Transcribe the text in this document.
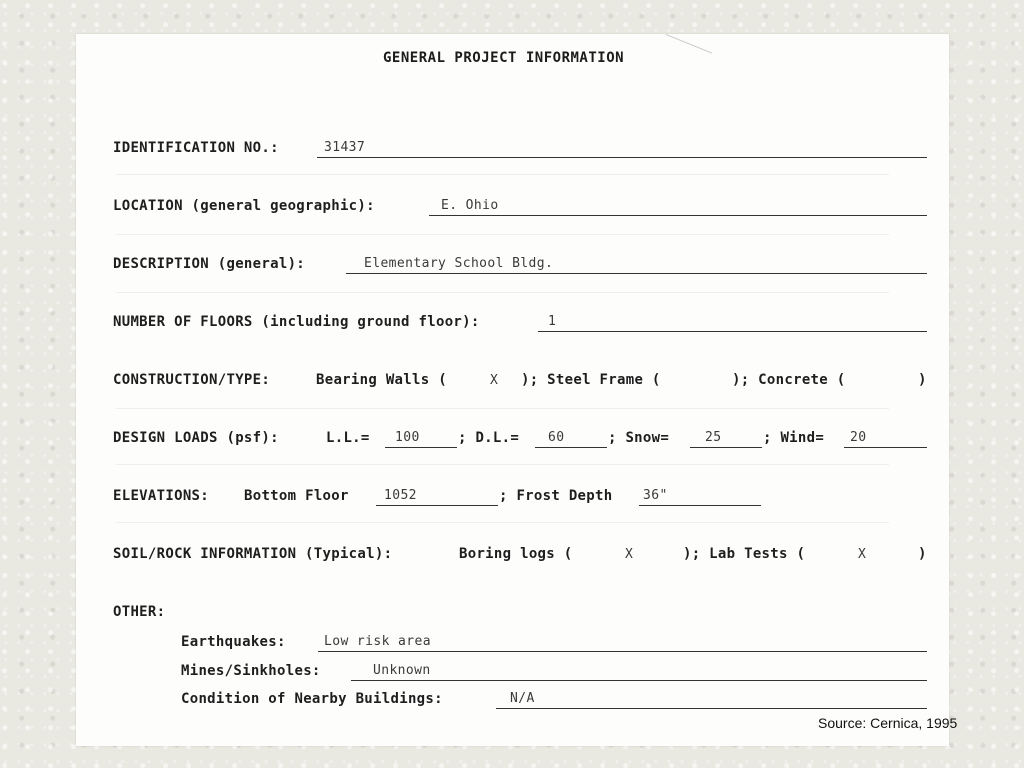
GENERAL PROJECT INFORMATION
IDENTIFICATION NO.:	31437
LOCATION (general geographic):	E. Ohio
DESCRIPTION (general):	Elementary School Bldg.
NUMBER OF FLOORS (including ground floor):	1
CONSTRUCTION/TYPE:	Bearing Walls (	X ); Steel Frame (	); Concrete (	)
DESIGN LOADS (psf):	L.L.= 100	; D.L.= 60	; Snow=	25	; Wind= 20
ELEVATIONS: Bottom Floor	1052	; Frost Depth 36"
SOIL/ROCK INFORMATION (Typical):	Boring logs (	X	); Lab Tests (	X	)
OTHER:
Earthquakes:	Low risk area
Mines/Sinkholes:	Unknown
Condition of Nearby Buildings:	N/A
Source: Cernica, 1995
